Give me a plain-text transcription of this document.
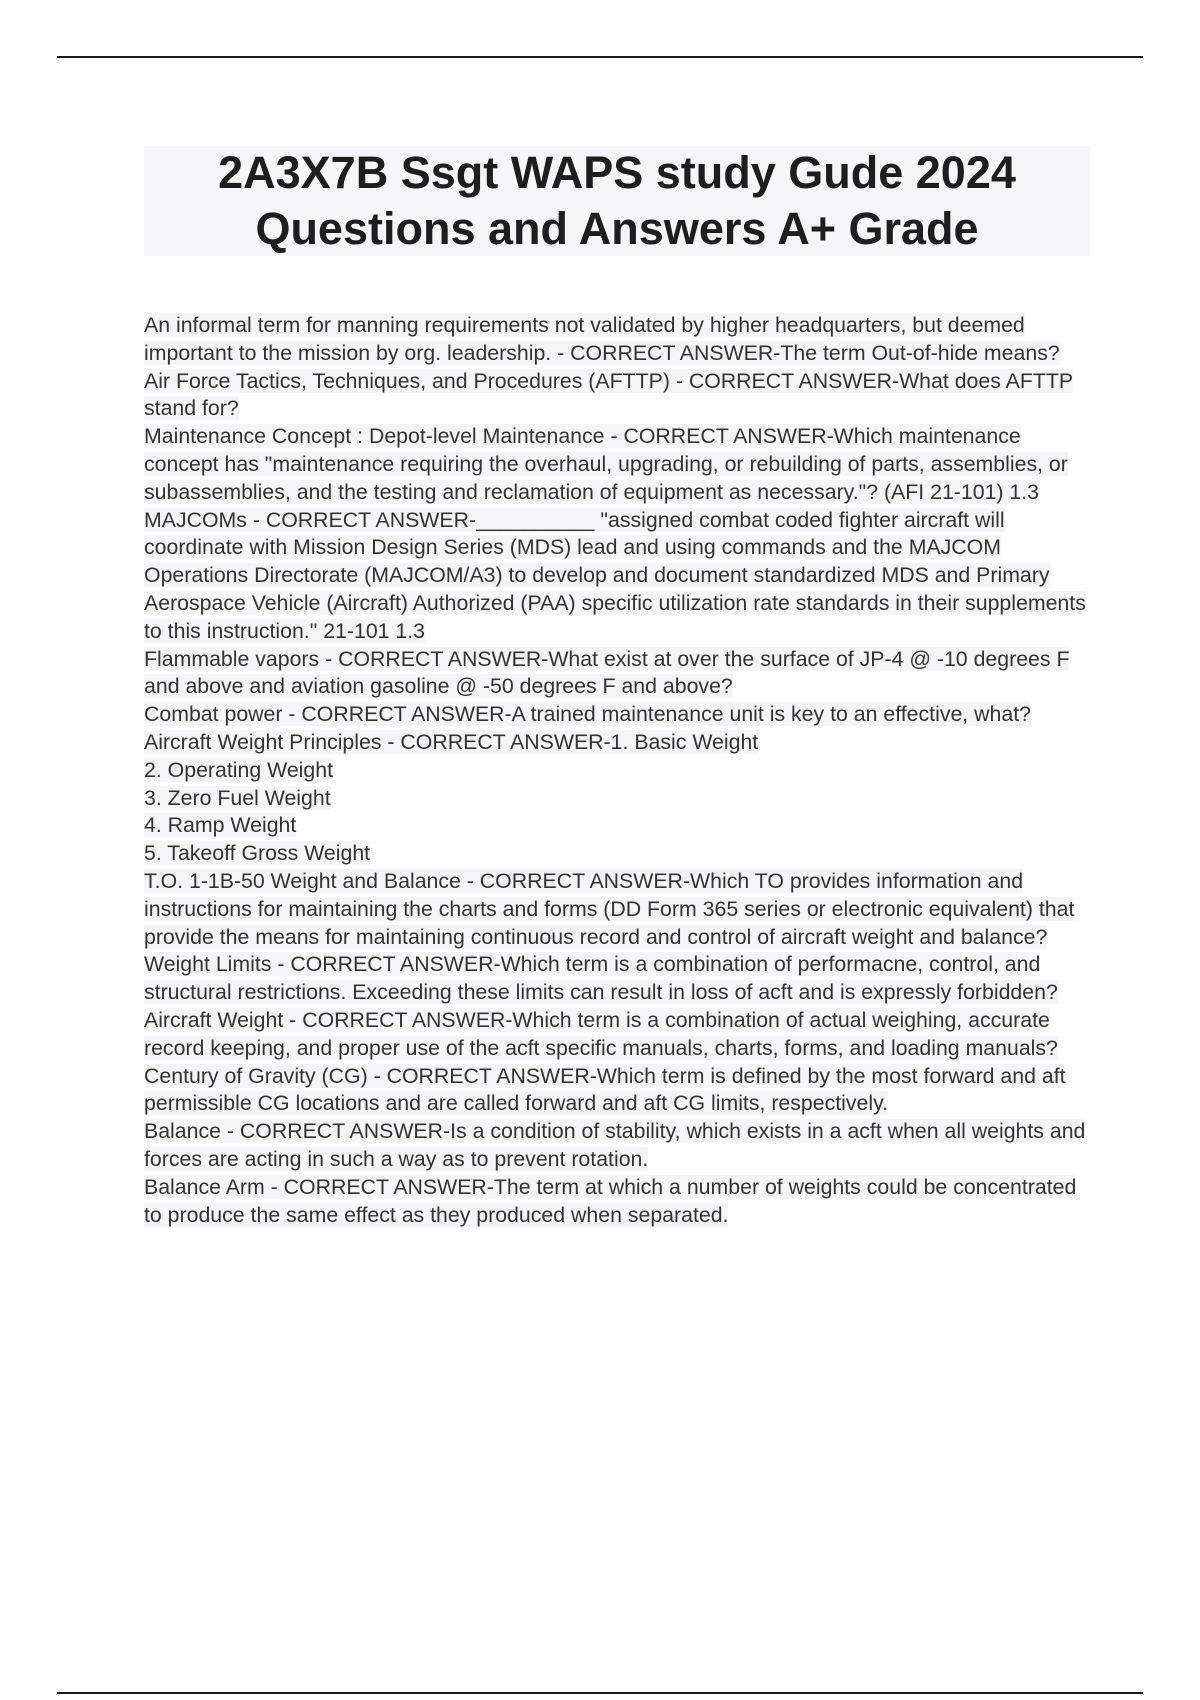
2A3X7B Ssgt WAPS study Gude 2024
Questions and Answers A+ Grade

An informal term for manning requirements not validated by higher headquarters, but deemed important to the mission by org. leadership. - CORRECT ANSWER-The term Out-of-hide means?

Air Force Tactics, Techniques, and Procedures (AFTTP) - CORRECT ANSWER-What does AFTTP stand for?

Maintenance Concept : Depot-level Maintenance - CORRECT ANSWER-Which maintenance concept has "maintenance requiring the overhaul, upgrading, or rebuilding of parts, assemblies, or subassemblies, and the testing and reclamation of equipment as necessary."? (AFI 21-101) 1.3

MAJCOMs - CORRECT ANSWER-__________ "assigned combat coded fighter aircraft will coordinate with Mission Design Series (MDS) lead and using commands and the MAJCOM Operations Directorate (MAJCOM/A3) to develop and document standardized MDS and Primary Aerospace Vehicle (Aircraft) Authorized (PAA) specific utilization rate standards in their supplements to this instruction." 21-101 1.3

Flammable vapors - CORRECT ANSWER-What exist at over the surface of JP-4 @ -10 degrees F and above and aviation gasoline @ -50 degrees F and above?

Combat power - CORRECT ANSWER-A trained maintenance unit is key to an effective, what?

Aircraft Weight Principles - CORRECT ANSWER-1. Basic Weight

2. Operating Weight

3. Zero Fuel Weight

4. Ramp Weight

5. Takeoff Gross Weight

T.O. 1-1B-50 Weight and Balance - CORRECT ANSWER-Which TO provides information and instructions for maintaining the charts and forms (DD Form 365 series or electronic equivalent) that provide the means for maintaining continuous record and control of aircraft weight and balance?

Weight Limits - CORRECT ANSWER-Which term is a combination of performacne, control, and structural restrictions. Exceeding these limits can result in loss of acft and is expressly forbidden?

Aircraft Weight - CORRECT ANSWER-Which term is a combination of actual weighing, accurate record keeping, and proper use of the acft specific manuals, charts, forms, and loading manuals?

Century of Gravity (CG) - CORRECT ANSWER-Which term is defined by the most forward and aft permissible CG locations and are called forward and aft CG limits, respectively.

Balance - CORRECT ANSWER-Is a condition of stability, which exists in a acft when all weights and forces are acting in such a way as to prevent rotation.

Balance Arm - CORRECT ANSWER-The term at which a number of weights could be concentrated to produce the same effect as they produced when separated.
